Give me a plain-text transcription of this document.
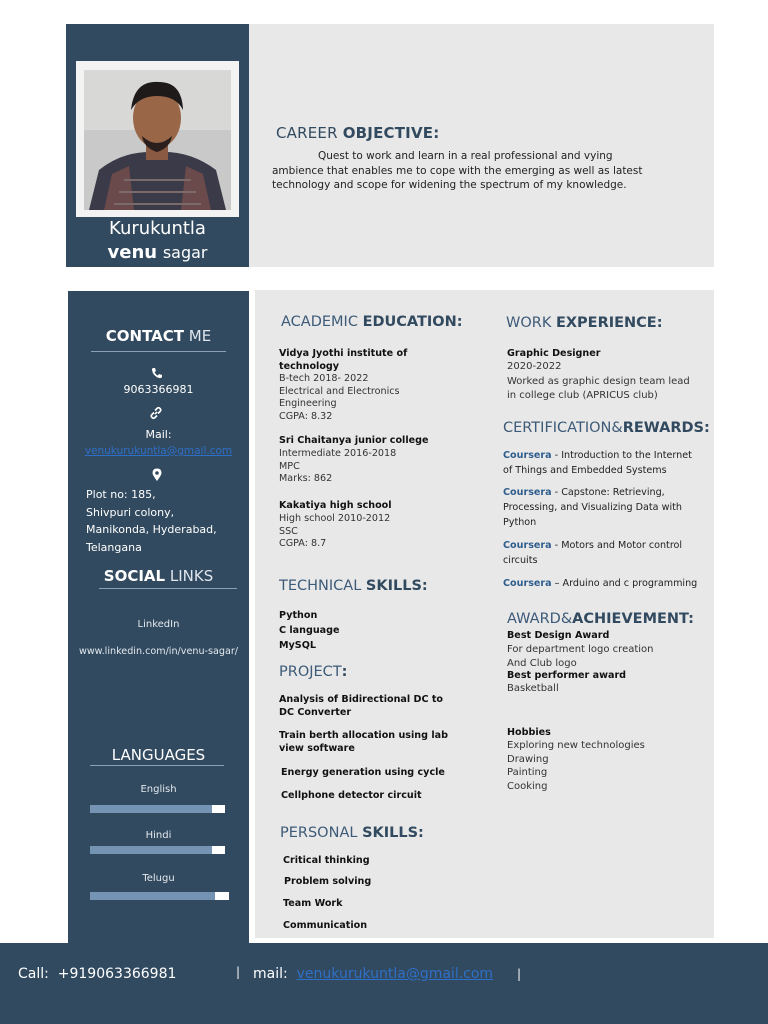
Kurukuntla
venu sagar
CAREER OBJECTIVE:
Quest to work and learn in a real professional and vying ambience that enables me to cope with the emerging as well as latest technology and scope for widening the spectrum of my knowledge.
CONTACT ME
9063366981
Mail:
venukurukuntla@gmail.com
Plot no: 185,
Shivpuri colony,
Manikonda, Hyderabad,
Telangana
SOCIAL LINKS
LinkedIn
www.linkedin.com/in/venu-sagar/
LANGUAGES
English
Hindi
Telugu
ACADEMIC EDUCATION:
Vidya Jyothi institute of technology
B-tech 2018- 2022
Electrical and Electronics
Engineering
CGPA: 8.32
Sri Chaitanya junior college
Intermediate 2016-2018
MPC
Marks: 862
Kakatiya high school
High school 2010-2012
SSC
CGPA: 8.7
TECHNICAL SKILLS:
Python
C language
MySQL
PROJECT:
Analysis of Bidirectional DC to DC Converter
Train berth allocation using lab view software
Energy generation using cycle
Cellphone detector circuit
PERSONAL SKILLS:
Critical thinking
Problem solving
Team Work
Communication
WORK EXPERIENCE:
Graphic Designer
2020-2022
Worked as graphic design team lead in college club (APRICUS club)
CERTIFICATION&REWARDS:
Coursera - Introduction to the Internet of Things and Embedded Systems
Coursera - Capstone: Retrieving, Processing, and Visualizing Data with Python
Coursera - Motors and Motor control circuits
Coursera – Arduino and c programming
AWARD&ACHIEVEMENT:
Best Design Award
For department logo creation
And Club logo
Best performer award
Basketball
Hobbies
Exploring new technologies
Drawing
Painting
Cooking
Call: +919063366981	| mail: venukurukuntla@gmail.com |
